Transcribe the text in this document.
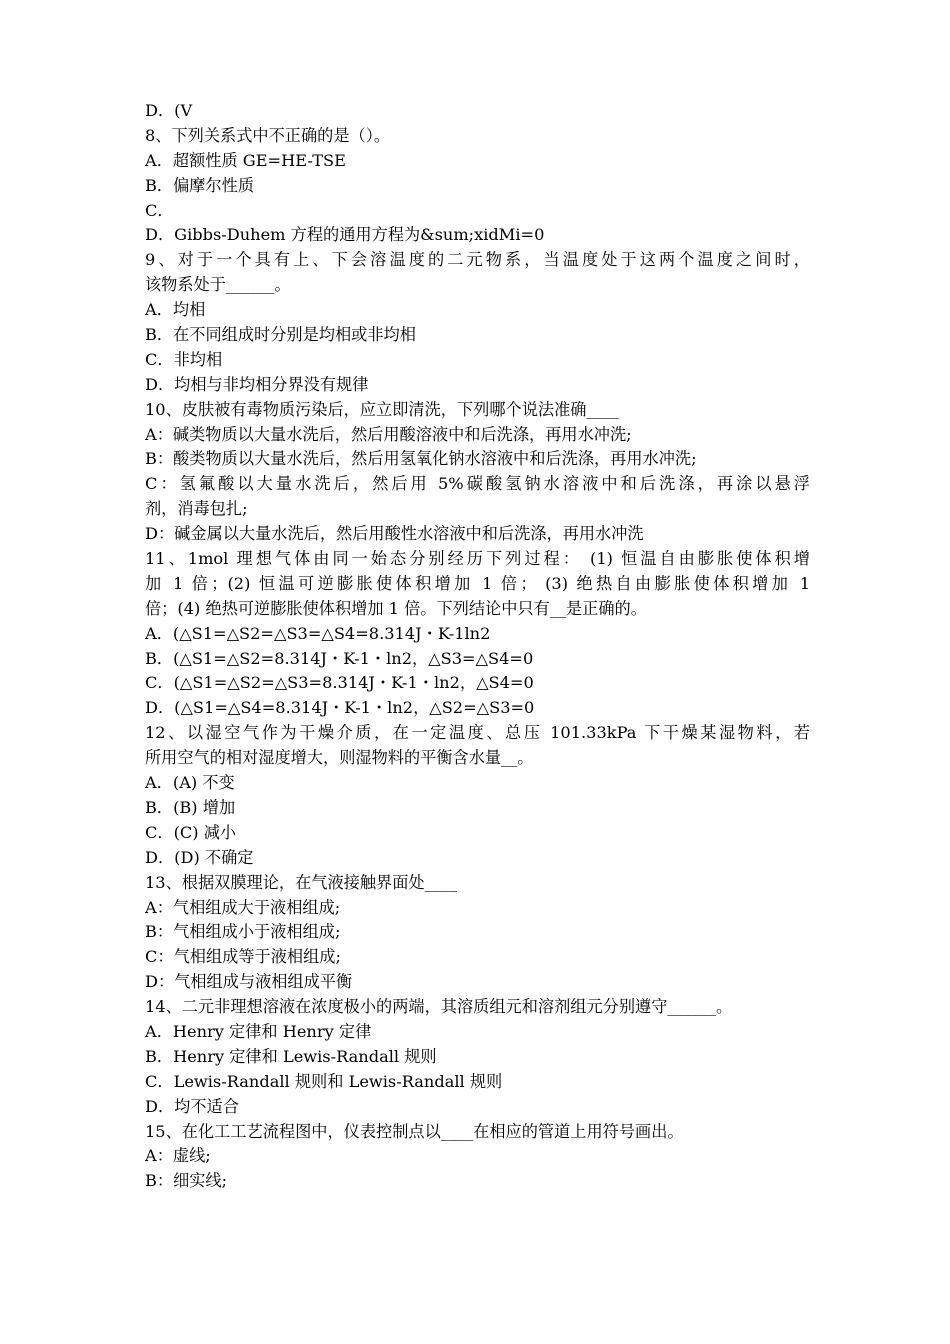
D．(V
8、下列关系式中不正确的是（）。
A．超额性质 GE=HE-TSE
B．偏摩尔性质
C．
D．Gibbs-Duhem 方程的通用方程为&sum;xidMi=0
9、对于一个具有上、下会溶温度的二元物系，当温度处于这两个温度之间时，
该物系处于______。
A．均相
B．在不同组成时分别是均相或非均相
C．非均相
D．均相与非均相分界没有规律
10、皮肤被有毒物质污染后，应立即清洗，下列哪个说法准确____
A：碱类物质以大量水洗后，然后用酸溶液中和后洗涤，再用水冲洗;
B：酸类物质以大量水洗后，然后用氢氧化钠水溶液中和后洗涤，再用水冲洗;
C：氢氟酸以大量水洗后，然后用 5%碳酸氢钠水溶液中和后洗涤，再涂以悬浮
剂，消毒包扎;
D：碱金属以大量水洗后，然后用酸性水溶液中和后洗涤，再用水冲洗
11、1mol 理想气体由同一始态分别经历下列过程： (1) 恒温自由膨胀使体积增
加 1 倍；(2) 恒温可逆膨胀使体积增加 1 倍； (3) 绝热自由膨胀使体积增加 1
倍；(4) 绝热可逆膨胀使体积增加 1 倍。下列结论中只有__是正确的。
A．(△S1=△S2=△S3=△S4=8.314J・K-1ln2
B．(△S1=△S2=8.314J・K-1・ln2，△S3=△S4=0
C．(△S1=△S2=△S3=8.314J・K-1・ln2，△S4=0
D．(△S1=△S4=8.314J・K-1・ln2，△S2=△S3=0
12、以湿空气作为干燥介质，在一定温度、总压 101.33kPa 下干燥某湿物料，若
所用空气的相对湿度增大，则湿物料的平衡含水量__。
A．(A) 不变
B．(B) 增加
C．(C) 减小
D．(D) 不确定
13、根据双膜理论，在气液接触界面处____
A：气相组成大于液相组成;
B：气相组成小于液相组成;
C：气相组成等于液相组成;
D：气相组成与液相组成平衡
14、二元非理想溶液在浓度极小的两端，其溶质组元和溶剂组元分别遵守______。
A．Henry 定律和 Henry 定律
B．Henry 定律和 Lewis-Randall 规则
C．Lewis-Randall 规则和 Lewis-Randall 规则
D．均不适合
15、在化工工艺流程图中，仪表控制点以____在相应的管道上用符号画出。
A：虚线;
B：细实线;
